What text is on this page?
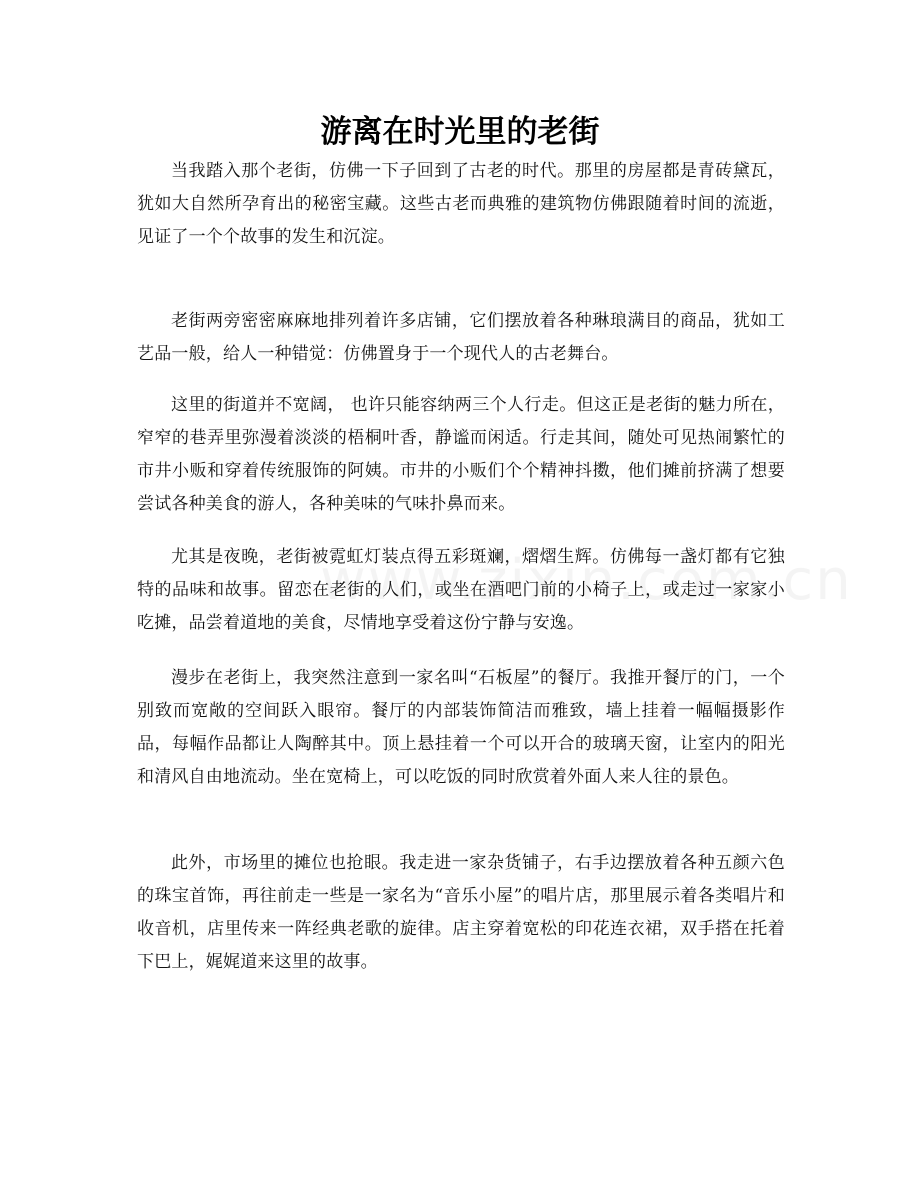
游离在时光里的老街

当我踏入那个老街，仿佛一下子回到了古老的时代。那里的房屋都是青砖黛瓦，犹如大自然所孕育出的秘密宝藏。这些古老而典雅的建筑物仿佛跟随着时间的流逝，见证了一个个故事的发生和沉淀。

老街两旁密密麻麻地排列着许多店铺，它们摆放着各种琳琅满目的商品，犹如工艺品一般，给人一种错觉：仿佛置身于一个现代人的古老舞台。

这里的街道并不宽阔， 也许只能容纳两三个人行走。但这正是老街的魅力所在，窄窄的巷弄里弥漫着淡淡的梧桐叶香，静谧而闲适。行走其间，随处可见热闹繁忙的市井小贩和穿着传统服饰的阿姨。市井的小贩们个个精神抖擞，他们摊前挤满了想要尝试各种美食的游人，各种美味的气味扑鼻而来。

尤其是夜晚，老街被霓虹灯装点得五彩斑斓，熠熠生辉。仿佛每一盏灯都有它独特的品味和故事。留恋在老街的人们，或坐在酒吧门前的小椅子上，或走过一家家小吃摊，品尝着道地的美食，尽情地享受着这份宁静与安逸。

漫步在老街上，我突然注意到一家名叫“石板屋”的餐厅。我推开餐厅的门，一个别致而宽敞的空间跃入眼帘。餐厅的内部装饰简洁而雅致，墙上挂着一幅幅摄影作品，每幅作品都让人陶醉其中。顶上悬挂着一个可以开合的玻璃天窗，让室内的阳光和清风自由地流动。坐在宽椅上，可以吃饭的同时欣赏着外面人来人往的景色。

此外，市场里的摊位也抢眼。我走进一家杂货铺子，右手边摆放着各种五颜六色的珠宝首饰，再往前走一些是一家名为“音乐小屋”的唱片店，那里展示着各类唱片和收音机，店里传来一阵经典老歌的旋律。店主穿着宽松的印花连衣裙，双手搭在托着下巴上，娓娓道来这里的故事。
